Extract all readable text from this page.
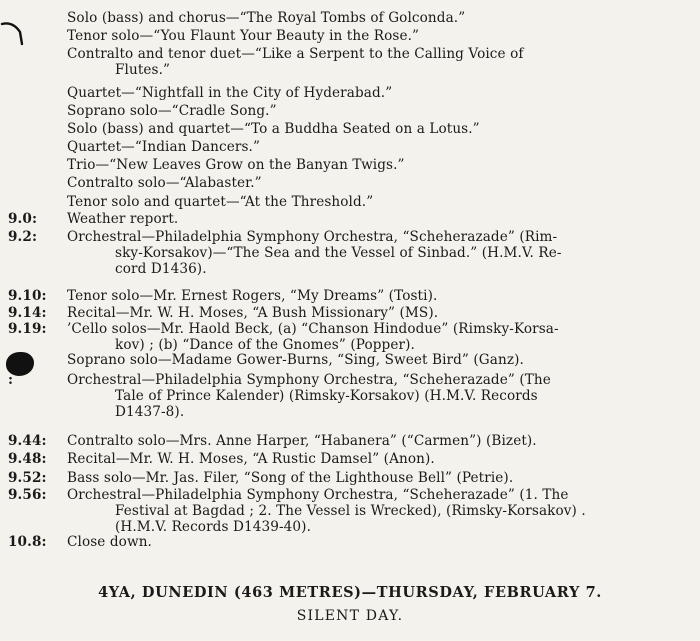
Solo (bass) and chorus—“The Royal Tombs of Golconda.”
Tenor solo—“You Flaunt Your Beauty in the Rose.”
Contralto and tenor duet—“Like a Serpent to the Calling Voice of
Flutes.”
Quartet—“Nightfall in the City of Hyderabad.”
Soprano solo—“Cradle Song.”
Solo (bass) and quartet—“To a Buddha Seated on a Lotus.”
Quartet—“Indian Dancers.”
Trio—“New Leaves Grow on the Banyan Twigs.”
Contralto solo—“Alabaster.”
Tenor solo and quartet—“At the Threshold.”
9.0:	Weather report.
9.2:	Orchestral—Philadelphia Symphony Orchestra, “Scheherazade” (Rim-
sky-Korsakov)—“The Sea and the Vessel of Sinbad.” (H.M.V. Re-
cord D1436).
9.10:	Tenor solo—Mr. Ernest Rogers, “My Dreams” (Tosti).
9.14:	Recital—Mr. W. H. Moses, “A Bush Missionary” (MS).
9.19:	’Cello solos—Mr. Haold Beck, (a) “Chanson Hindodue” (Rimsky-Korsa-
kov) ; (b) “Dance of the Gnomes” (Popper).
Soprano solo—Madame Gower-Burns, “Sing, Sweet Bird” (Ganz).
:	Orchestral—Philadelphia Symphony Orchestra, “Scheherazade” (The
Tale of Prince Kalender) (Rimsky-Korsakov) (H.M.V. Records
D1437-8).
9.44:	Contralto solo—Mrs. Anne Harper, “Habanera” (“Carmen”) (Bizet).
9.48:	Recital—Mr. W. H. Moses, “A Rustic Damsel” (Anon).
9.52:	Bass solo—Mr. Jas. Filer, “Song of the Lighthouse Bell” (Petrie).
9.56:	Orchestral—Philadelphia Symphony Orchestra, “Scheherazade” (1. The
Festival at Bagdad ; 2. The Vessel is Wrecked), (Rimsky-Korsakov) .
(H.M.V. Records D1439-40).
10.8:	Close down.
4YA, DUNEDIN (463 METRES)—THURSDAY, FEBRUARY 7.
SILENT DAY.
